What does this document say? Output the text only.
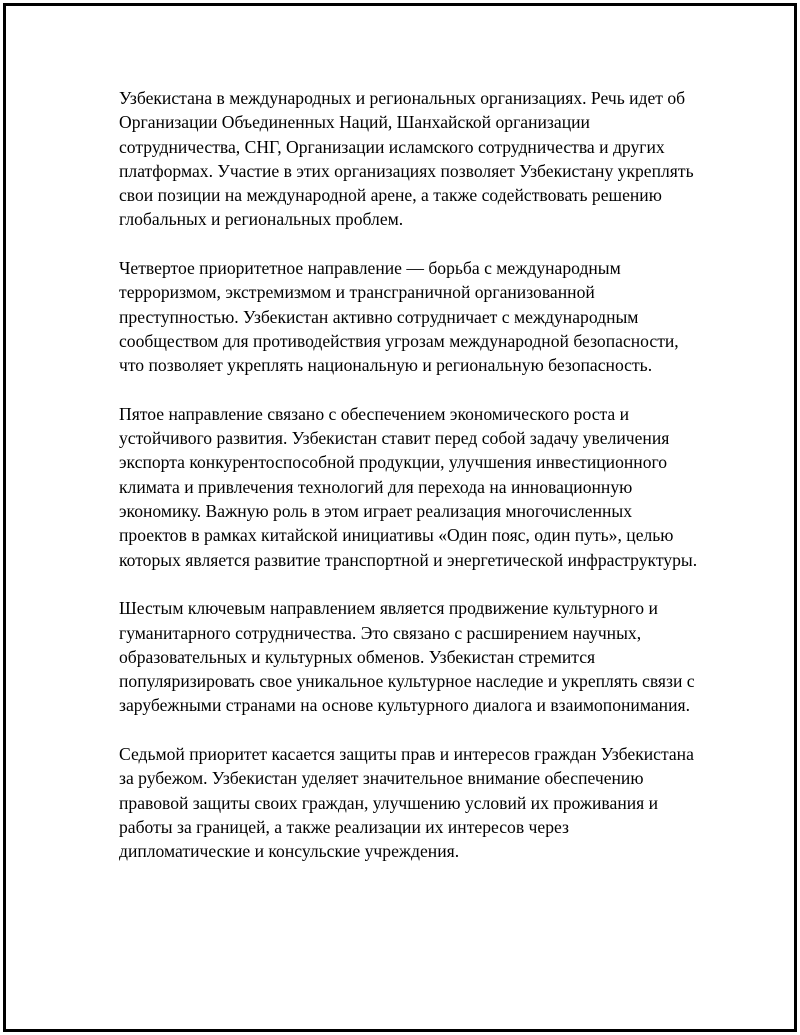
Узбекистана в международных и региональных организациях. Речь идет об Организации Объединенных Наций, Шанхайской организации сотрудничества, СНГ, Организации исламского сотрудничества и других платформах. Участие в этих организациях позволяет Узбекистану укреплять свои позиции на международной арене, а также содействовать решению глобальных и региональных проблем.

Четвертое приоритетное направление — борьба с международным терроризмом, экстремизмом и трансграничной организованной преступностью. Узбекистан активно сотрудничает с международным сообществом для противодействия угрозам международной безопасности, что позволяет укреплять национальную и региональную безопасность.

Пятое направление связано с обеспечением экономического роста и устойчивого развития. Узбекистан ставит перед собой задачу увеличения экспорта конкурентоспособной продукции, улучшения инвестиционного климата и привлечения технологий для перехода на инновационную экономику. Важную роль в этом играет реализация многочисленных проектов в рамках китайской инициативы «Один пояс, один путь», целью которых является развитие транспортной и энергетической инфраструктуры.

Шестым ключевым направлением является продвижение культурного и гуманитарного сотрудничества. Это связано с расширением научных, образовательных и культурных обменов. Узбекистан стремится популяризировать свое уникальное культурное наследие и укреплять связи с зарубежными странами на основе культурного диалога и взаимопонимания.

Седьмой приоритет касается защиты прав и интересов граждан Узбекистана за рубежом. Узбекистан уделяет значительное внимание обеспечению правовой защиты своих граждан, улучшению условий их проживания и работы за границей, а также реализации их интересов через дипломатические и консульские учреждения.
